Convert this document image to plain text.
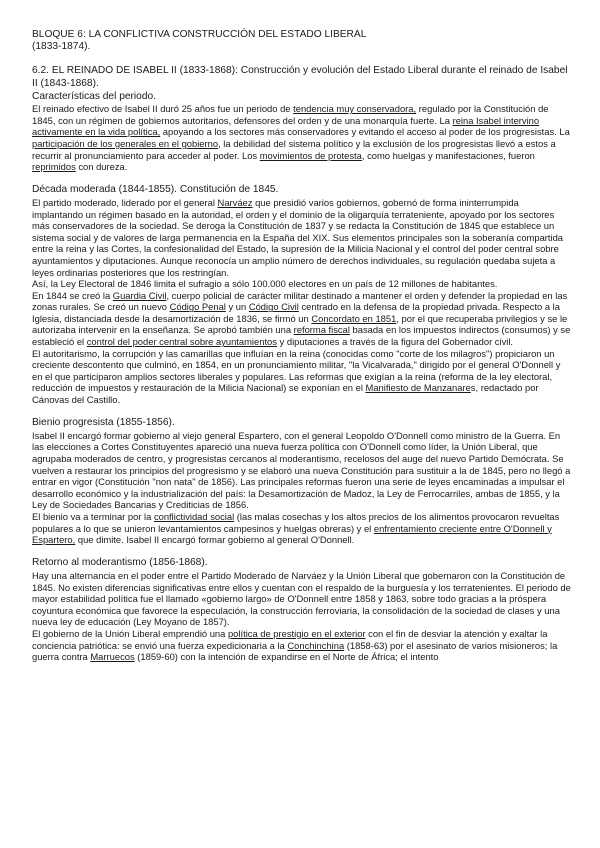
BLOQUE 6: LA CONFLICTIVA CONSTRUCCIÓN DEL ESTADO LIBERAL

(1833-1874).

6.2. EL REINADO DE ISABEL II (1833-1868): Construcción y evolución del Estado Liberal durante el reinado de Isabel II (1843-1868).

Características del periodo.

El reinado efectivo de Isabel II duró 25 años fue un periodo de tendencia muy conservadora, regulado por la Constitución de 1845, con un régimen de gobiernos autoritarios, defensores del orden y de una monarquía fuerte. La reina Isabel intervino activamente en la vida política, apoyando a los sectores más conservadores y evitando el acceso al poder de los progresistas. La participación de los generales en el gobierno, la debilidad del sistema político y la exclusión de los progresistas llevó a estos a recurrir al pronunciamiento para acceder al poder. Los movimientos de protesta, como huelgas y manifestaciones, fueron reprimidos con dureza.

Década moderada (1844-1855). Constitución de 1845.

El partido moderado, liderado por el general Narváez que presidió varios gobiernos, gobernó de forma ininterrumpida implantando un régimen basado en la autoridad, el orden y el dominio de la oligarquía terrateniente, apoyado por los sectores más conservadores de la sociedad. Se deroga la Constitución de 1837 y se redacta la Constitución de 1845 que establece un sistema social y de valores de larga permanencia en la España del XIX. Sus elementos principales son la soberanía compartida entre la reina y las Cortes, la confesionalidad del Estado, la supresión de la Milicia Nacional y el control del poder central sobre ayuntamientos y diputaciones. Aunque reconocía un amplio número de derechos individuales, su regulación quedaba sujeta a leyes ordinarias posteriores que los restringían.

Así, la Ley Electoral de 1846 limita el sufragio a sólo 100.000 electores en un país de 12 millones de habitantes.

En 1844 se creó la Guardia Civil, cuerpo policial de carácter militar destinado a mantener el orden y defender la propiedad en las zonas rurales. Se creó un nuevo Código Penal y un Código Civil centrado en la defensa de la propiedad privada. Respecto a la Iglesia, distanciada desde la desamortización de 1836, se firmó un Concordato en 1851, por el que recuperaba privilegios y se le autorizaba intervenir en la enseñanza. Se aprobó también una reforma fiscal basada en los impuestos indirectos (consumos) y se estableció el control del poder central sobre ayuntamientos y diputaciones a través de la figura del Gobernador civil.

El autoritarismo, la corrupción y las camarillas que influían en la reina (conocidas como "corte de los milagros") propiciaron un creciente descontento que culminó, en 1854, en un pronunciamiento militar, "la Vicalvarada," dirigido por el general O'Donnell y en el que participaron amplios sectores liberales y populares. Las reformas que exigían a la reina (reforma de la ley electoral, reducción de impuestos y restauración de la Milicia Nacional) se exponían en el Manifiesto de Manzanares, redactado por Cánovas del Castillo.

Bienio progresista (1855-1856).

Isabel II encargó formar gobierno al viejo general Espartero, con el general Leopoldo O'Donnell como ministro de la Guerra. En las elecciones a Cortes Constituyentes apareció una nueva fuerza política con O'Donnell como líder, la Unión Liberal, que agrupaba moderados de centro, y progresistas cercanos al moderantismo, recelosos del auge del nuevo Partido Demócrata. Se vuelven a restaurar los principios del progresismo y se elaboró una nueva Constitución para sustituir a la de 1845, pero no llegó a entrar en vigor (Constitución "non nata" de 1856). Las principales reformas fueron una serie de leyes encaminadas a impulsar el desarrollo económico y la industrialización del país: la Desamortización de Madoz, la Ley de Ferrocarriles, ambas de 1855, y la Ley de Sociedades Bancarias y Crediticias de 1856.

El bienio va a terminar por la conflictividad social (las malas cosechas y los altos precios de los alimentos provocaron revueltas populares a lo que se unieron levantamientos campesinos y huelgas obreras) y el enfrentamiento creciente entre O'Donnell y Espartero, que dimite. Isabel II encargó formar gobierno al general O'Donnell.

Retorno al moderantismo (1856-1868).

Hay una alternancia en el poder entre el Partido Moderado de Narváez y la Unión Liberal que gobernaron con la Constitución de 1845. No existen diferencias significativas entre ellos y cuentan con el respaldo de la burguesía y los terratenientes. El periodo de mayor estabilidad política fue el llamado «gobierno largo» de O'Donnell entre 1858 y 1863, sobre todo gracias a la próspera coyuntura económica que favorece la especulación, la construcción ferroviaria, la consolidación de la sociedad de clases y una nueva ley de educación (Ley Moyano de 1857).

El gobierno de la Unión Liberal emprendió una política de prestigio en el exterior con el fin de desviar la atención y exaltar la conciencia patriótica: se envió una fuerza expedicionaria a la Conchinchina (1858-63) por el asesinato de varios misioneros; la guerra contra Marruecos (1859-60) con la intención de expandirse en el Norte de África; el intento
